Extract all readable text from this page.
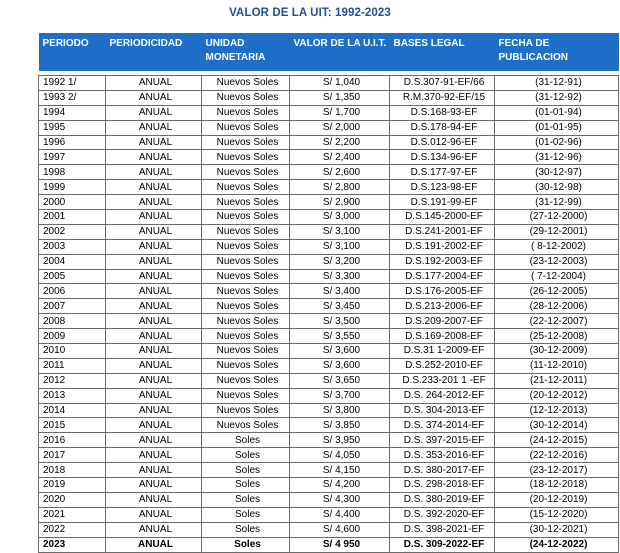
VALOR DE LA UIT: 1992-2023
PERIODO	PERIODICIDAD	UNIDAD MONETARIA	VALOR DE LA U.I.T.	BASES LEGAL	FECHA DE PUBLICACION

1992 1/	ANUAL	Nuevos Soles	S/ 1,040	D.S.307-91-EF/66	(31-12-91)
1993 2/	ANUAL	Nuevos Soles	S/ 1,350	R.M.370-92-EF/15	(31-12-92)
1994	ANUAL	Nuevos Soles	S/ 1,700	D.S.168-93-EF	(01-01-94)
1995	ANUAL	Nuevos Soles	S/ 2,000	D.S.178-94-EF	(01-01-95)
1996	ANUAL	Nuevos Soles	S/ 2,200	D.S.012-96-EF	(01-02-96)
1997	ANUAL	Nuevos Soles	S/ 2,400	D.S.134-96-EF	(31-12-96)
1998	ANUAL	Nuevos Soles	S/ 2,600	D.S.177-97-EF	(30-12-97)
1999	ANUAL	Nuevos Soles	S/ 2,800	D.S.123-98-EF	(30-12-98)
2000	ANUAL	Nuevos Soles	S/ 2,900	D.S.191-99-EF	(31-12-99)
2001	ANUAL	Nuevos Soles	S/ 3,000	D.S.145-2000-EF	(27-12-2000)
2002	ANUAL	Nuevos Soles	S/ 3,100	D.S.241-2001-EF	(29-12-2001)
2003	ANUAL	Nuevos Soles	S/ 3,100	D.S.191-2002-EF	( 8-12-2002)
2004	ANUAL	Nuevos Soles	S/ 3,200	D.S.192-2003-EF	(23-12-2003)
2005	ANUAL	Nuevos Soles	S/ 3,300	D.S.177-2004-EF	( 7-12-2004)
2006	ANUAL	Nuevos Soles	S/ 3,400	D.S.176-2005-EF	(26-12-2005)
2007	ANUAL	Nuevos Soles	S/ 3,450	D.S.213-2006-EF	(28-12-2006)
2008	ANUAL	Nuevos Soles	S/ 3,500	D.S.209-2007-EF	(22-12-2007)
2009	ANUAL	Nuevos Soles	S/ 3,550	D.S.169-2008-EF	(25-12-2008)
2010	ANUAL	Nuevos Soles	S/ 3,600	D.S.31 1-2009-EF	(30-12-2009)
2011	ANUAL	Nuevos Soles	S/ 3,600	D.S.252-2010-EF	(11-12-2010)
2012	ANUAL	Nuevos Soles	S/ 3,650	D.S.233-201 1 -EF	(21-12-2011)
2013	ANUAL	Nuevos Soles	S/ 3,700	D.S. 264-2012-EF	(20-12-2012)
2014	ANUAL	Nuevos Soles	S/ 3,800	D.S. 304-2013-EF	(12-12-2013)
2015	ANUAL	Nuevos Soles	S/ 3,850	D.S. 374-2014-EF	(30-12-2014)
2016	ANUAL	Soles	S/ 3,950	D.S. 397-2015-EF	(24-12-2015)
2017	ANUAL	Soles	S/ 4,050	D.S. 353-2016-EF	(22-12-2016)
2018	ANUAL	Soles	S/ 4,150	D.S. 380-2017-EF	(23-12-2017)
2019	ANUAL	Soles	S/ 4,200	D.S. 298-2018-EF	(18-12-2018)
2020	ANUAL	Soles	S/ 4,300	D.S. 380-2019-EF	(20-12-2019)
2021	ANUAL	Soles	S/ 4,400	D.S. 392-2020-EF	(15-12-2020)
2022	ANUAL	Soles	S/ 4,600	D.S. 398-2021-EF	(30-12-2021)
2023	ANUAL	Soles	S/ 4 950	D.S. 309-2022-EF	(24-12-2022)
